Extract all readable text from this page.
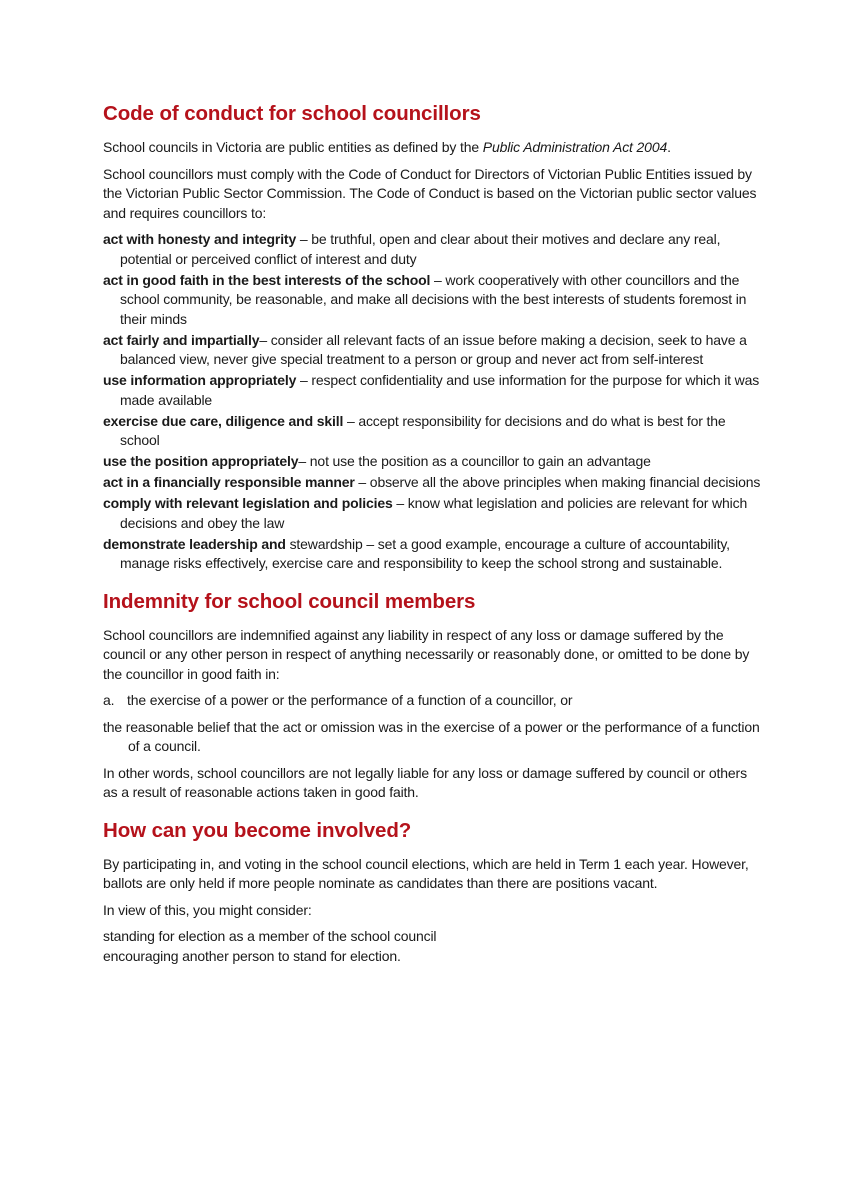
Code of conduct for school councillors

School councils in Victoria are public entities as defined by the Public Administration Act 2004.

School councillors must comply with the Code of Conduct for Directors of Victorian Public Entities issued by the Victorian Public Sector Commission. The Code of Conduct is based on the Victorian public sector values and requires councillors to:

act with honesty and integrity – be truthful, open and clear about their motives and declare any real, potential or perceived conflict of interest and duty
act in good faith in the best interests of the school – work cooperatively with other councillors and the school community, be reasonable, and make all decisions with the best interests of students foremost in their minds
act fairly and impartially– consider all relevant facts of an issue before making a decision, seek to have a balanced view, never give special treatment to a person or group and never act from self-interest
use information appropriately – respect confidentiality and use information for the purpose for which it was made available
exercise due care, diligence and skill – accept responsibility for decisions and do what is best for the school
use the position appropriately– not use the position as a councillor to gain an advantage
act in a financially responsible manner – observe all the above principles when making financial decisions
comply with relevant legislation and policies – know what legislation and policies are relevant for which decisions and obey the law
demonstrate leadership and stewardship – set a good example, encourage a culture of accountability, manage risks effectively, exercise care and responsibility to keep the school strong and sustainable.
Indemnity for school council members

School councillors are indemnified against any liability in respect of any loss or damage suffered by the council or any other person in respect of anything necessarily or reasonably done, or omitted to be done by the councillor in good faith in:

a. the exercise of a power or the performance of a function of a councillor, or
the reasonable belief that the act or omission was in the exercise of a power or the performance of a function of a council.

In other words, school councillors are not legally liable for any loss or damage suffered by council or others as a result of reasonable actions taken in good faith.

How can you become involved?

By participating in, and voting in the school council elections, which are held in Term 1 each year. However, ballots are only held if more people nominate as candidates than there are positions vacant.

In view of this, you might consider:

standing for election as a member of the school council
encouraging another person to stand for election.
